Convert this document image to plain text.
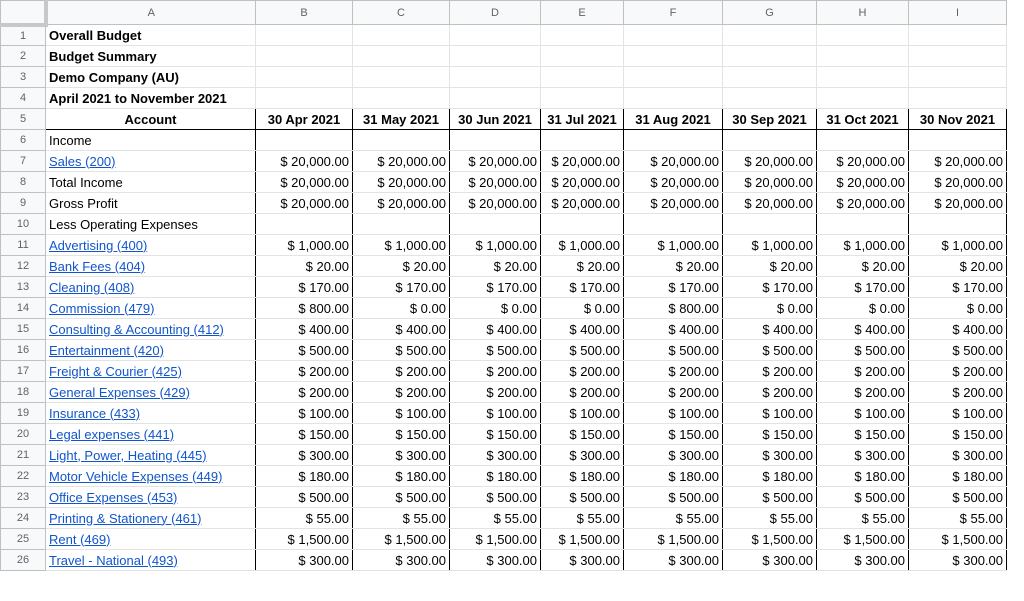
	A	B	C	D	E	F	G	H	I
1	Overall Budget								
2	Budget Summary								
3	Demo Company (AU)								
4	April 2021 to November 2021								
5	Account	30 Apr 2021	31 May 2021	30 Jun 2021	31 Jul 2021	31 Aug 2021	30 Sep 2021	31 Oct 2021	30 Nov 2021
6	Income								
7	Sales (200)	$ 20,000.00	$ 20,000.00	$ 20,000.00	$ 20,000.00	$ 20,000.00	$ 20,000.00	$ 20,000.00	$ 20,000.00
8	Total Income	$ 20,000.00	$ 20,000.00	$ 20,000.00	$ 20,000.00	$ 20,000.00	$ 20,000.00	$ 20,000.00	$ 20,000.00
9	Gross Profit	$ 20,000.00	$ 20,000.00	$ 20,000.00	$ 20,000.00	$ 20,000.00	$ 20,000.00	$ 20,000.00	$ 20,000.00
10	Less Operating Expenses								
11	Advertising (400)	$ 1,000.00	$ 1,000.00	$ 1,000.00	$ 1,000.00	$ 1,000.00	$ 1,000.00	$ 1,000.00	$ 1,000.00
12	Bank Fees (404)	$ 20.00	$ 20.00	$ 20.00	$ 20.00	$ 20.00	$ 20.00	$ 20.00	$ 20.00
13	Cleaning (408)	$ 170.00	$ 170.00	$ 170.00	$ 170.00	$ 170.00	$ 170.00	$ 170.00	$ 170.00
14	Commission (479)	$ 800.00	$ 0.00	$ 0.00	$ 0.00	$ 800.00	$ 0.00	$ 0.00	$ 0.00
15	Consulting & Accounting (412)	$ 400.00	$ 400.00	$ 400.00	$ 400.00	$ 400.00	$ 400.00	$ 400.00	$ 400.00
16	Entertainment (420)	$ 500.00	$ 500.00	$ 500.00	$ 500.00	$ 500.00	$ 500.00	$ 500.00	$ 500.00
17	Freight & Courier (425)	$ 200.00	$ 200.00	$ 200.00	$ 200.00	$ 200.00	$ 200.00	$ 200.00	$ 200.00
18	General Expenses (429)	$ 200.00	$ 200.00	$ 200.00	$ 200.00	$ 200.00	$ 200.00	$ 200.00	$ 200.00
19	Insurance (433)	$ 100.00	$ 100.00	$ 100.00	$ 100.00	$ 100.00	$ 100.00	$ 100.00	$ 100.00
20	Legal expenses (441)	$ 150.00	$ 150.00	$ 150.00	$ 150.00	$ 150.00	$ 150.00	$ 150.00	$ 150.00
21	Light, Power, Heating (445)	$ 300.00	$ 300.00	$ 300.00	$ 300.00	$ 300.00	$ 300.00	$ 300.00	$ 300.00
22	Motor Vehicle Expenses (449)	$ 180.00	$ 180.00	$ 180.00	$ 180.00	$ 180.00	$ 180.00	$ 180.00	$ 180.00
23	Office Expenses (453)	$ 500.00	$ 500.00	$ 500.00	$ 500.00	$ 500.00	$ 500.00	$ 500.00	$ 500.00
24	Printing & Stationery (461)	$ 55.00	$ 55.00	$ 55.00	$ 55.00	$ 55.00	$ 55.00	$ 55.00	$ 55.00
25	Rent (469)	$ 1,500.00	$ 1,500.00	$ 1,500.00	$ 1,500.00	$ 1,500.00	$ 1,500.00	$ 1,500.00	$ 1,500.00
26	Travel - National (493)	$ 300.00	$ 300.00	$ 300.00	$ 300.00	$ 300.00	$ 300.00	$ 300.00	$ 300.00
